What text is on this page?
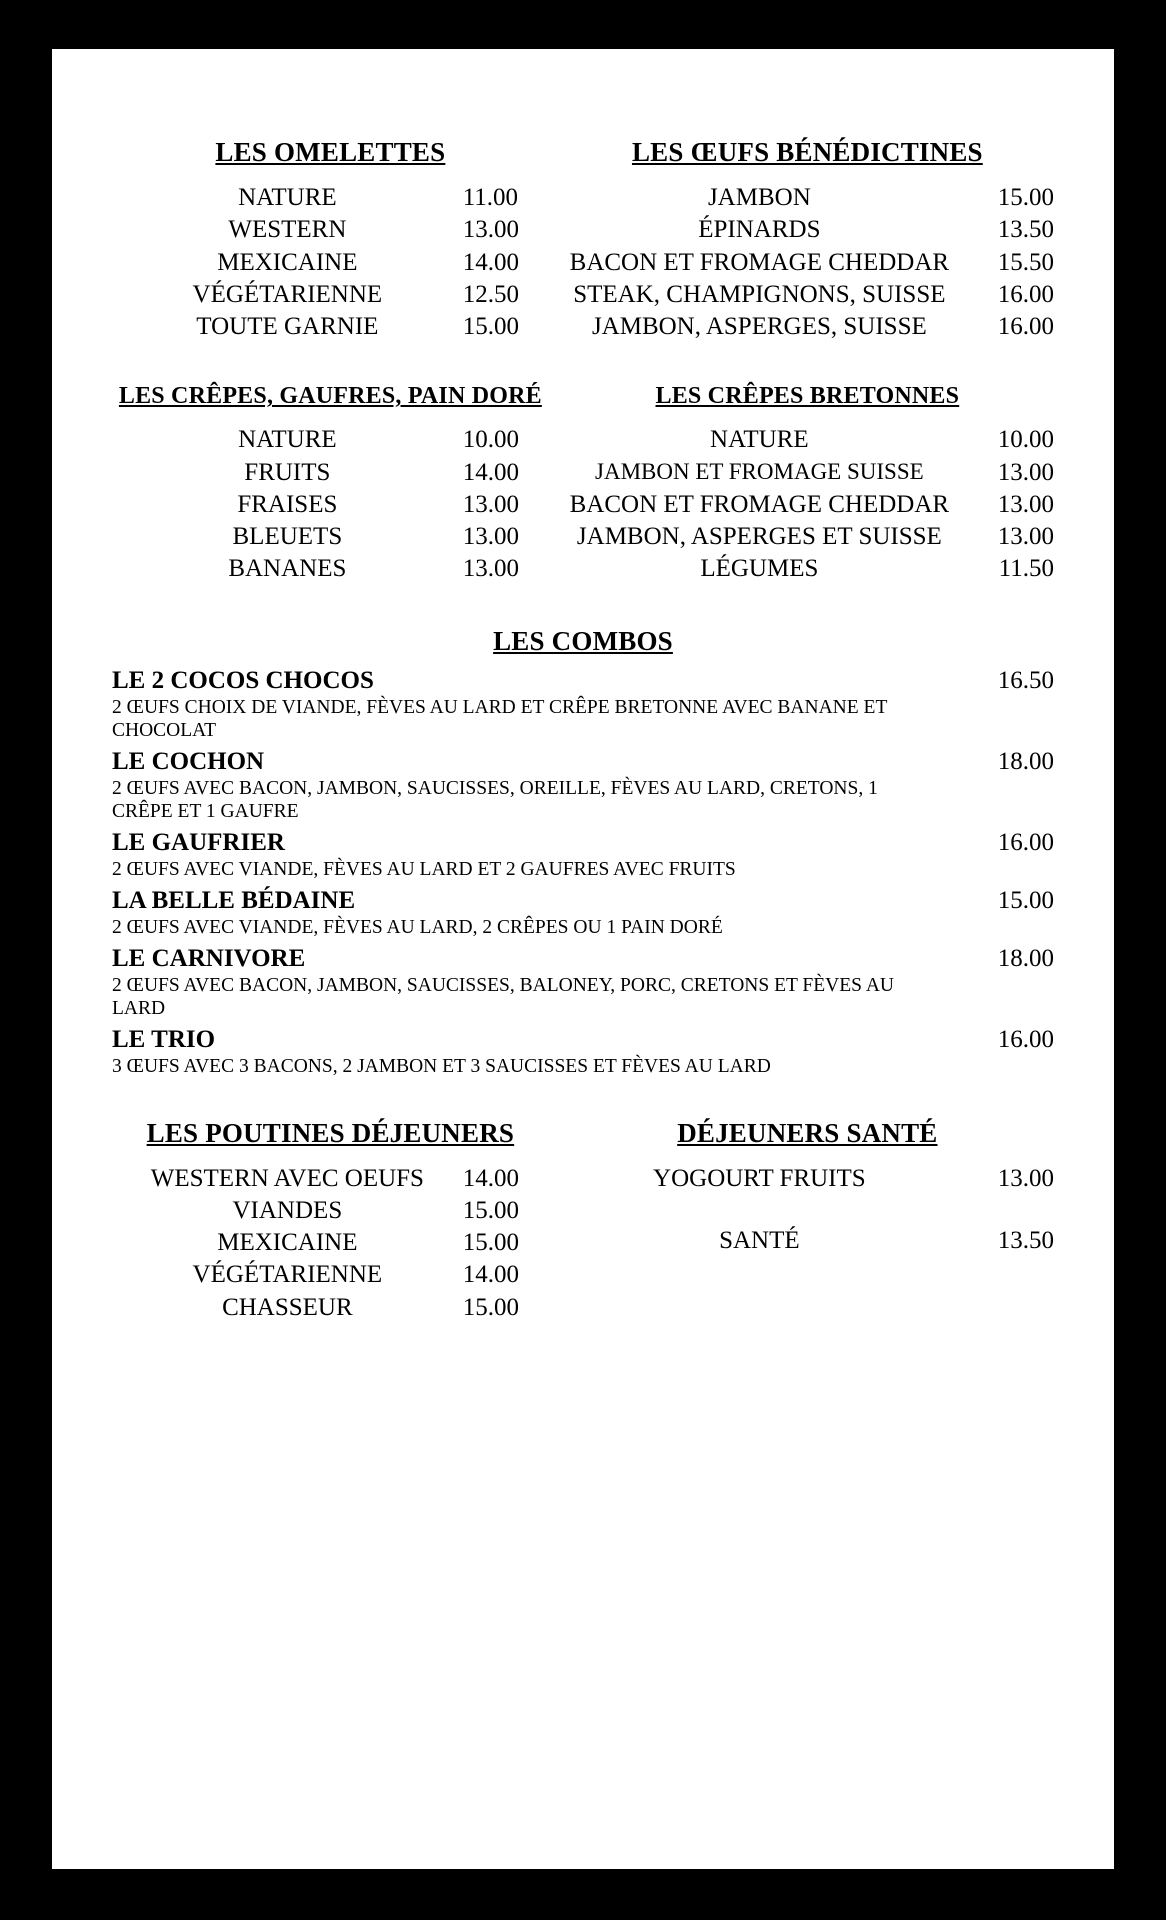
LES OMELETTES
NATURE	11.00
WESTERN	13.00
MEXICAINE	14.00
VÉGÉTARIENNE	12.50
TOUTE GARNIE	15.00
LES ŒUFS BÉNÉDICTINES
JAMBON	15.00
ÉPINARDS	13.50
BACON ET FROMAGE CHEDDAR	15.50
STEAK, CHAMPIGNONS, SUISSE	16.00
JAMBON, ASPERGES, SUISSE	16.00
LES CRÊPES, GAUFRES, PAIN DORÉ
NATURE	10.00
FRUITS	14.00
FRAISES	13.00
BLEUETS	13.00
BANANES	13.00
LES CRÊPES BRETONNES
NATURE	10.00
JAMBON ET FROMAGE SUISSE	13.00
BACON ET FROMAGE CHEDDAR	13.00
JAMBON, ASPERGES ET SUISSE	13.00
LÉGUMES	11.50
LES COMBOS
LE 2 COCOS CHOCOS	16.50
2 ŒUFS CHOIX DE VIANDE, FÈVES AU LARD ET CRÊPE BRETONNE AVEC BANANE ET CHOCOLAT
LE COCHON	18.00
2 ŒUFS AVEC BACON, JAMBON, SAUCISSES, OREILLE, FÈVES AU LARD, CRETONS, 1 CRÊPE ET 1 GAUFRE
LE GAUFRIER	16.00
2 ŒUFS AVEC VIANDE, FÈVES AU LARD ET 2 GAUFRES AVEC FRUITS
LA BELLE BÉDAINE	15.00
2 ŒUFS AVEC VIANDE, FÈVES AU LARD, 2 CRÊPES OU 1 PAIN DORÉ
LE CARNIVORE	18.00
2 ŒUFS AVEC BACON, JAMBON, SAUCISSES, BALONEY, PORC, CRETONS ET FÈVES AU LARD
LE TRIO	16.00
3 ŒUFS AVEC 3 BACONS, 2 JAMBON ET 3 SAUCISSES ET FÈVES AU LARD
LES POUTINES DÉJEUNERS
WESTERN AVEC OEUFS	14.00
VIANDES	15.00
MEXICAINE	15.00
VÉGÉTARIENNE	14.00
CHASSEUR	15.00
DÉJEUNERS SANTÉ
YOGOURT FRUITS	13.00
SANTÉ	13.50
